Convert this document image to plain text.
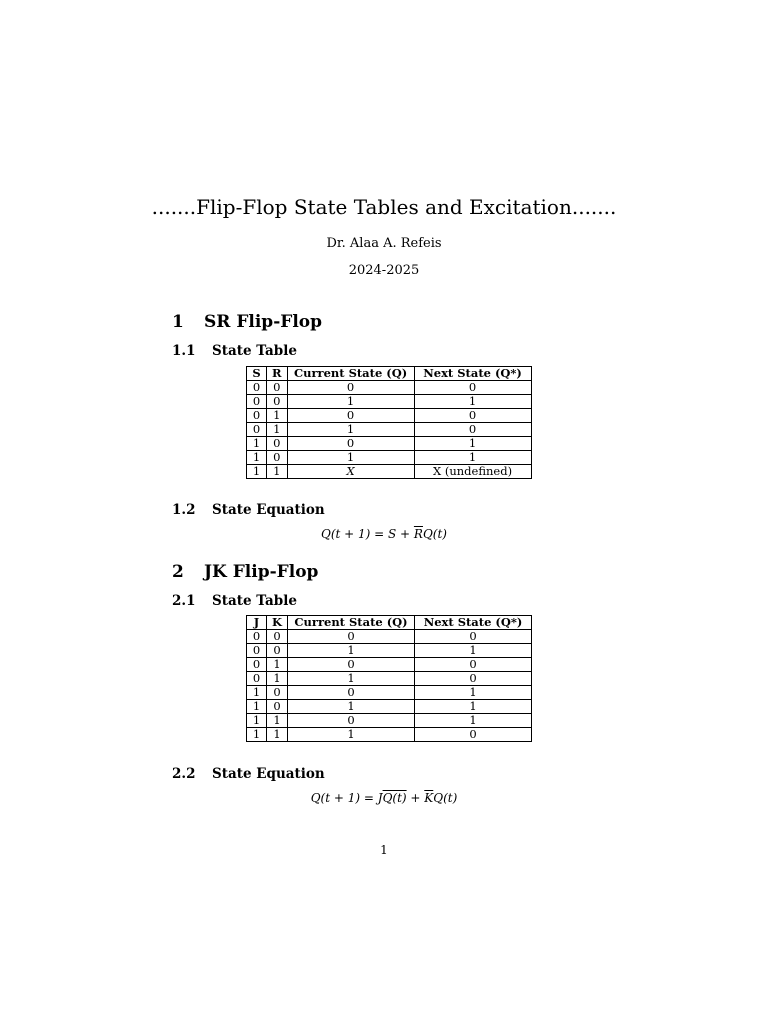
.......Flip-Flop State Tables and Excitation.......
Dr. Alaa A. Refeis
2024-2025
1 SR Flip-Flop
1.1 State Table
S	R	Current State (Q)	Next State (Q*)
0	0	0	0
0	0	1	1
0	1	0	0
0	1	1	0
1	0	0	1
1	0	1	1
1	1	X	X (undefined)
1.2 State Equation
$Q(t + 1) = S + \overline{R}Q(t)$
2 JK Flip-Flop
2.1 State Table
J	K	Current State (Q)	Next State (Q*)
0	0	0	0
0	0	1	1
0	1	0	0
0	1	1	0
1	0	0	1
1	0	1	1
1	1	0	1
1	1	1	0
2.2 State Equation
$Q(t + 1) = JQ(t) + \overline{K}Q(t)$
1
